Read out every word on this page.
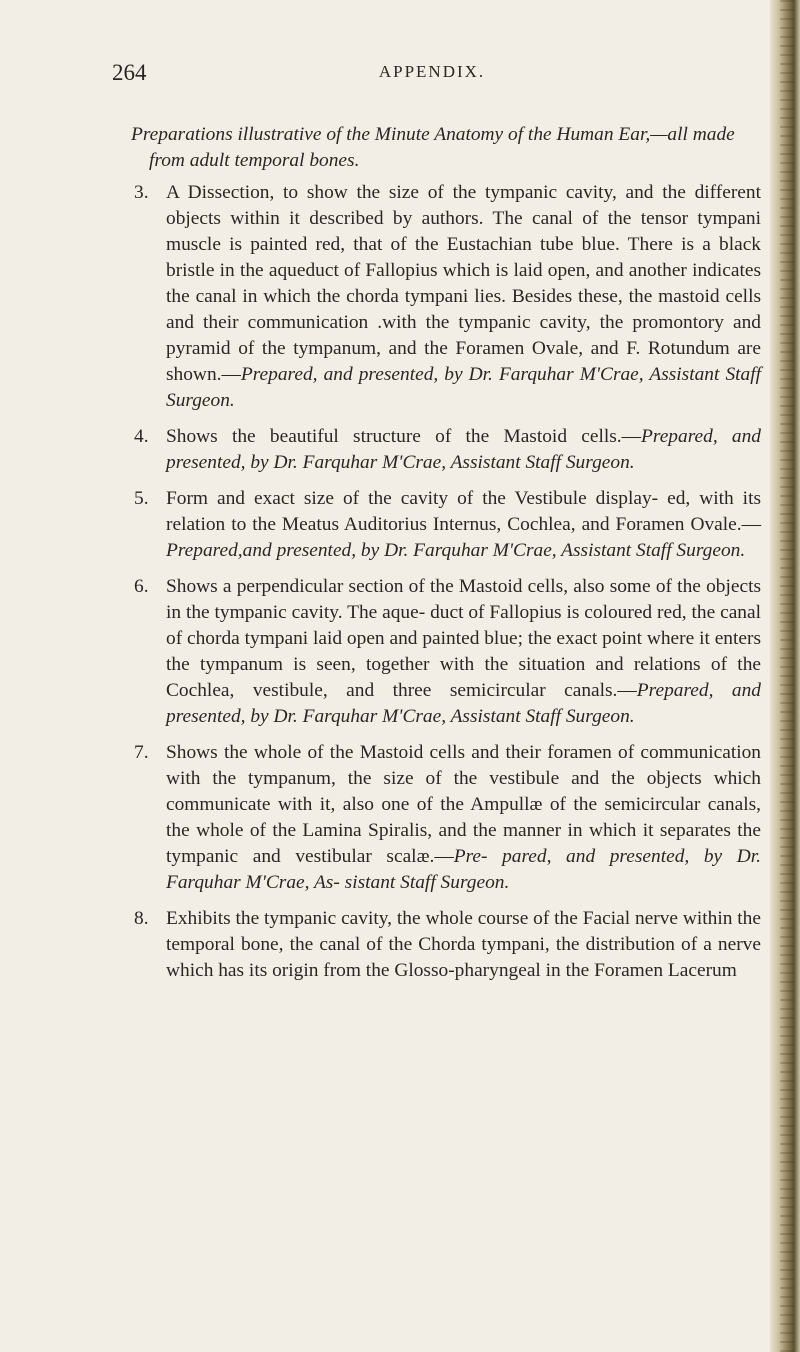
264	APPENDIX.

Preparations illustrative of the Minute Anatomy of the Human Ear,—all made from adult temporal bones.

3. A Dissection, to show the size of the tympanic cavity, and the different objects within it described by authors. The canal of the tensor tympani muscle is painted red, that of the Eustachian tube blue. There is a black bristle in the aqueduct of Fallopius which is laid open, and another indicates the canal in which the chorda tympani lies. Besides these, the mastoid cells and their communication .with the tympanic cavity, the promontory and pyramid of the tympanum, and the Foramen Ovale, and F. Rotundum are shown.—Prepared, and presented, by Dr. Farquhar M'Crae, Assistant Staff Surgeon.
4. Shows the beautiful structure of the Mastoid cells.—Prepared, and presented, by Dr. Farquhar M'Crae, Assistant Staff Surgeon.
5. Form and exact size of the cavity of the Vestibule display- ed, with its relation to the Meatus Auditorius Internus, Cochlea, and Foramen Ovale.—Prepared,and presented, by Dr. Farquhar M'Crae, Assistant Staff Surgeon.
6. Shows a perpendicular section of the Mastoid cells, also some of the objects in the tympanic cavity. The aque- duct of Fallopius is coloured red, the canal of chorda tympani laid open and painted blue; the exact point where it enters the tympanum is seen, together with the situation and relations of the Cochlea, vestibule, and three semicircular canals.—Prepared, and presented, by Dr. Farquhar M'Crae, Assistant Staff Surgeon.
7. Shows the whole of the Mastoid cells and their foramen of communication with the tympanum, the size of the vestibule and the objects which communicate with it, also one of the Ampullæ of the semicircular canals, the whole of the Lamina Spiralis, and the manner in which it separates the tympanic and vestibular scalæ.—Pre- pared, and presented, by Dr. Farquhar M'Crae, As- sistant Staff Surgeon.
8. Exhibits the tympanic cavity, the whole course of the Facial nerve within the temporal bone, the canal of the Chorda tympani, the distribution of a nerve which has its origin from the Glosso-pharyngeal in the Foramen Lacerum
